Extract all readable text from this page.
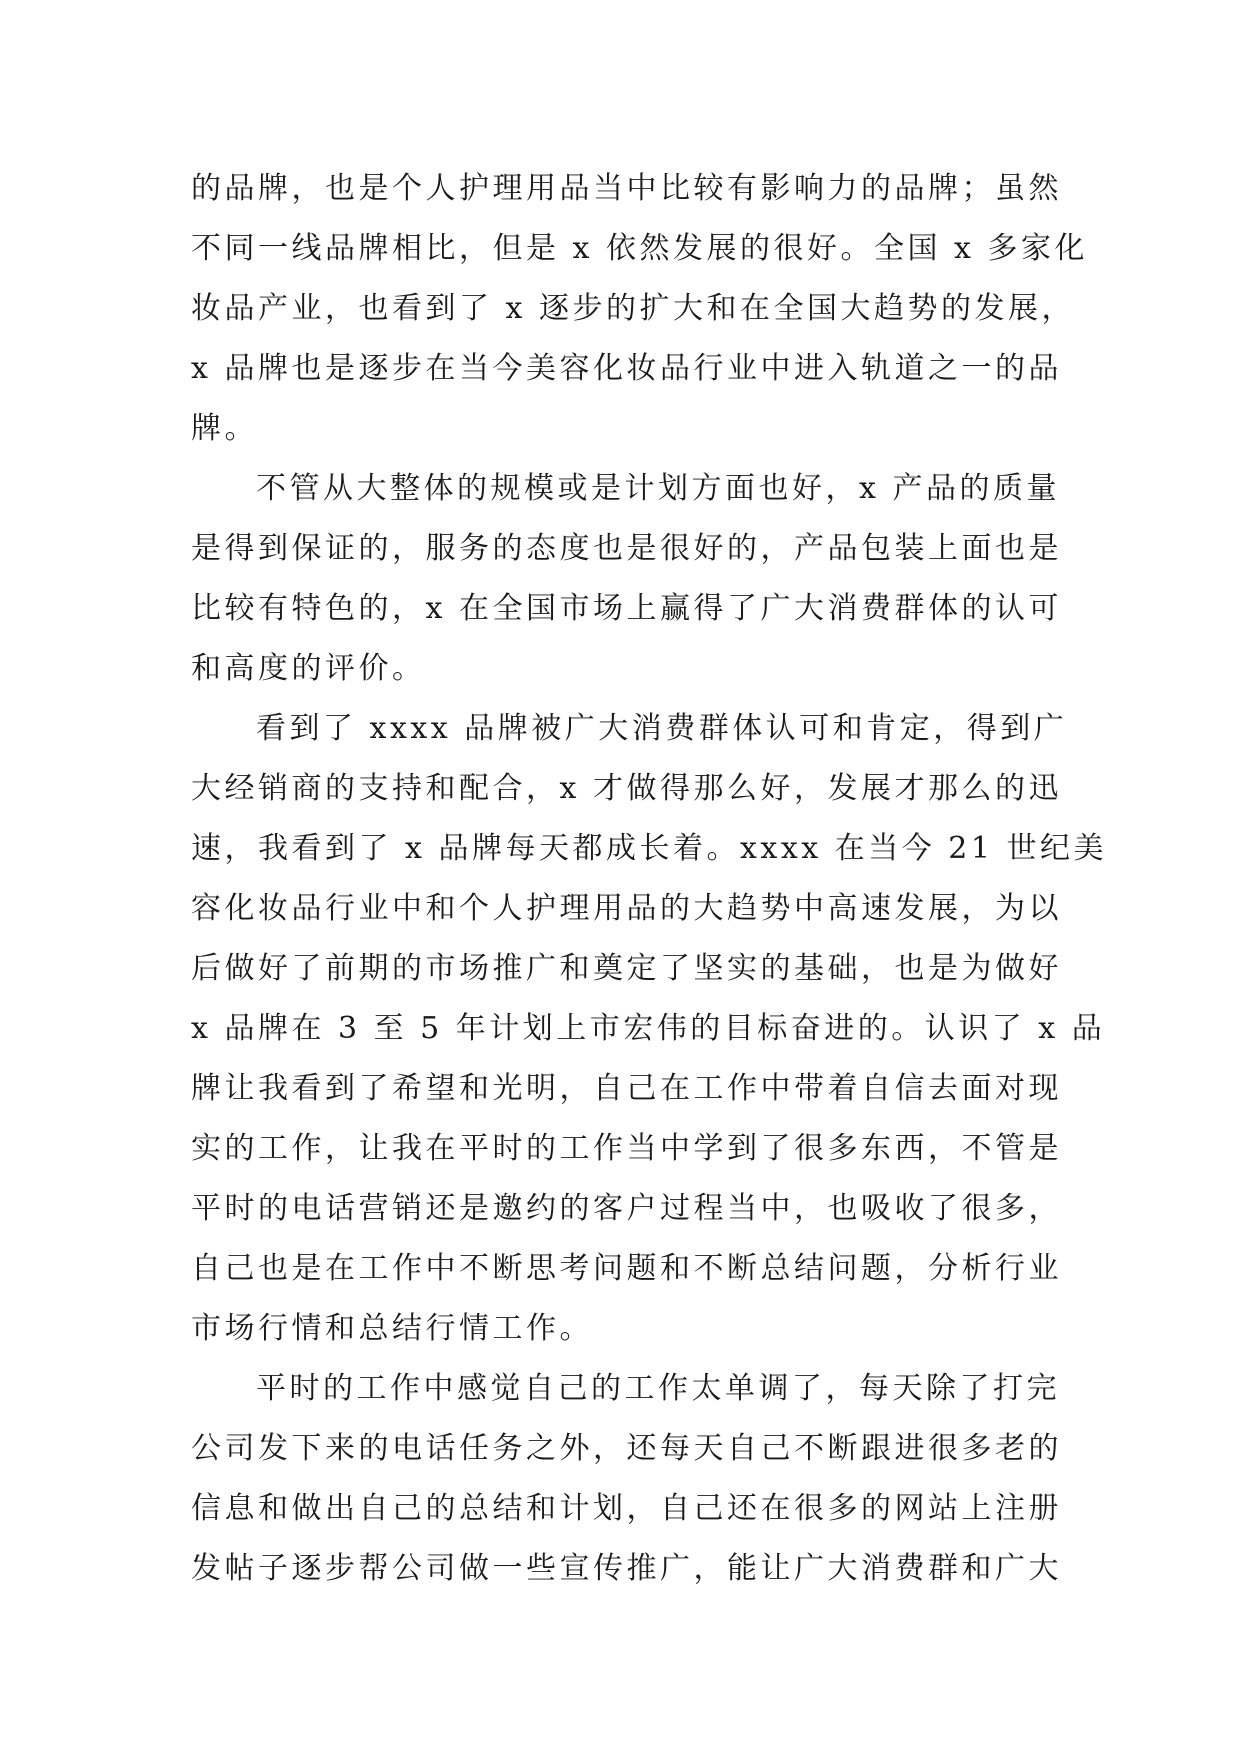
的品牌，也是个人护理用品当中比较有影响力的品牌；虽然
不同一线品牌相比，但是 x 依然发展的很好。全国 x 多家化
妆品产业，也看到了 x 逐步的扩大和在全国大趋势的发展，
x 品牌也是逐步在当今美容化妆品行业中进入轨道之一的品
牌。
不管从大整体的规模或是计划方面也好，x 产品的质量
是得到保证的，服务的态度也是很好的，产品包装上面也是
比较有特色的，x 在全国市场上赢得了广大消费群体的认可
和高度的评价。
看到了 xxxx 品牌被广大消费群体认可和肯定，得到广
大经销商的支持和配合，x 才做得那么好，发展才那么的迅
速，我看到了 x 品牌每天都成长着。xxxx 在当今 21 世纪美
容化妆品行业中和个人护理用品的大趋势中高速发展，为以
后做好了前期的市场推广和奠定了坚实的基础，也是为做好
x 品牌在 3 至 5 年计划上市宏伟的目标奋进的。认识了 x 品
牌让我看到了希望和光明，自己在工作中带着自信去面对现
实的工作，让我在平时的工作当中学到了很多东西，不管是
平时的电话营销还是邀约的客户过程当中，也吸收了很多，
自己也是在工作中不断思考问题和不断总结问题，分析行业
市场行情和总结行情工作。
平时的工作中感觉自己的工作太单调了，每天除了打完
公司发下来的电话任务之外，还每天自己不断跟进很多老的
信息和做出自己的总结和计划，自己还在很多的网站上注册
发帖子逐步帮公司做一些宣传推广，能让广大消费群和广大
